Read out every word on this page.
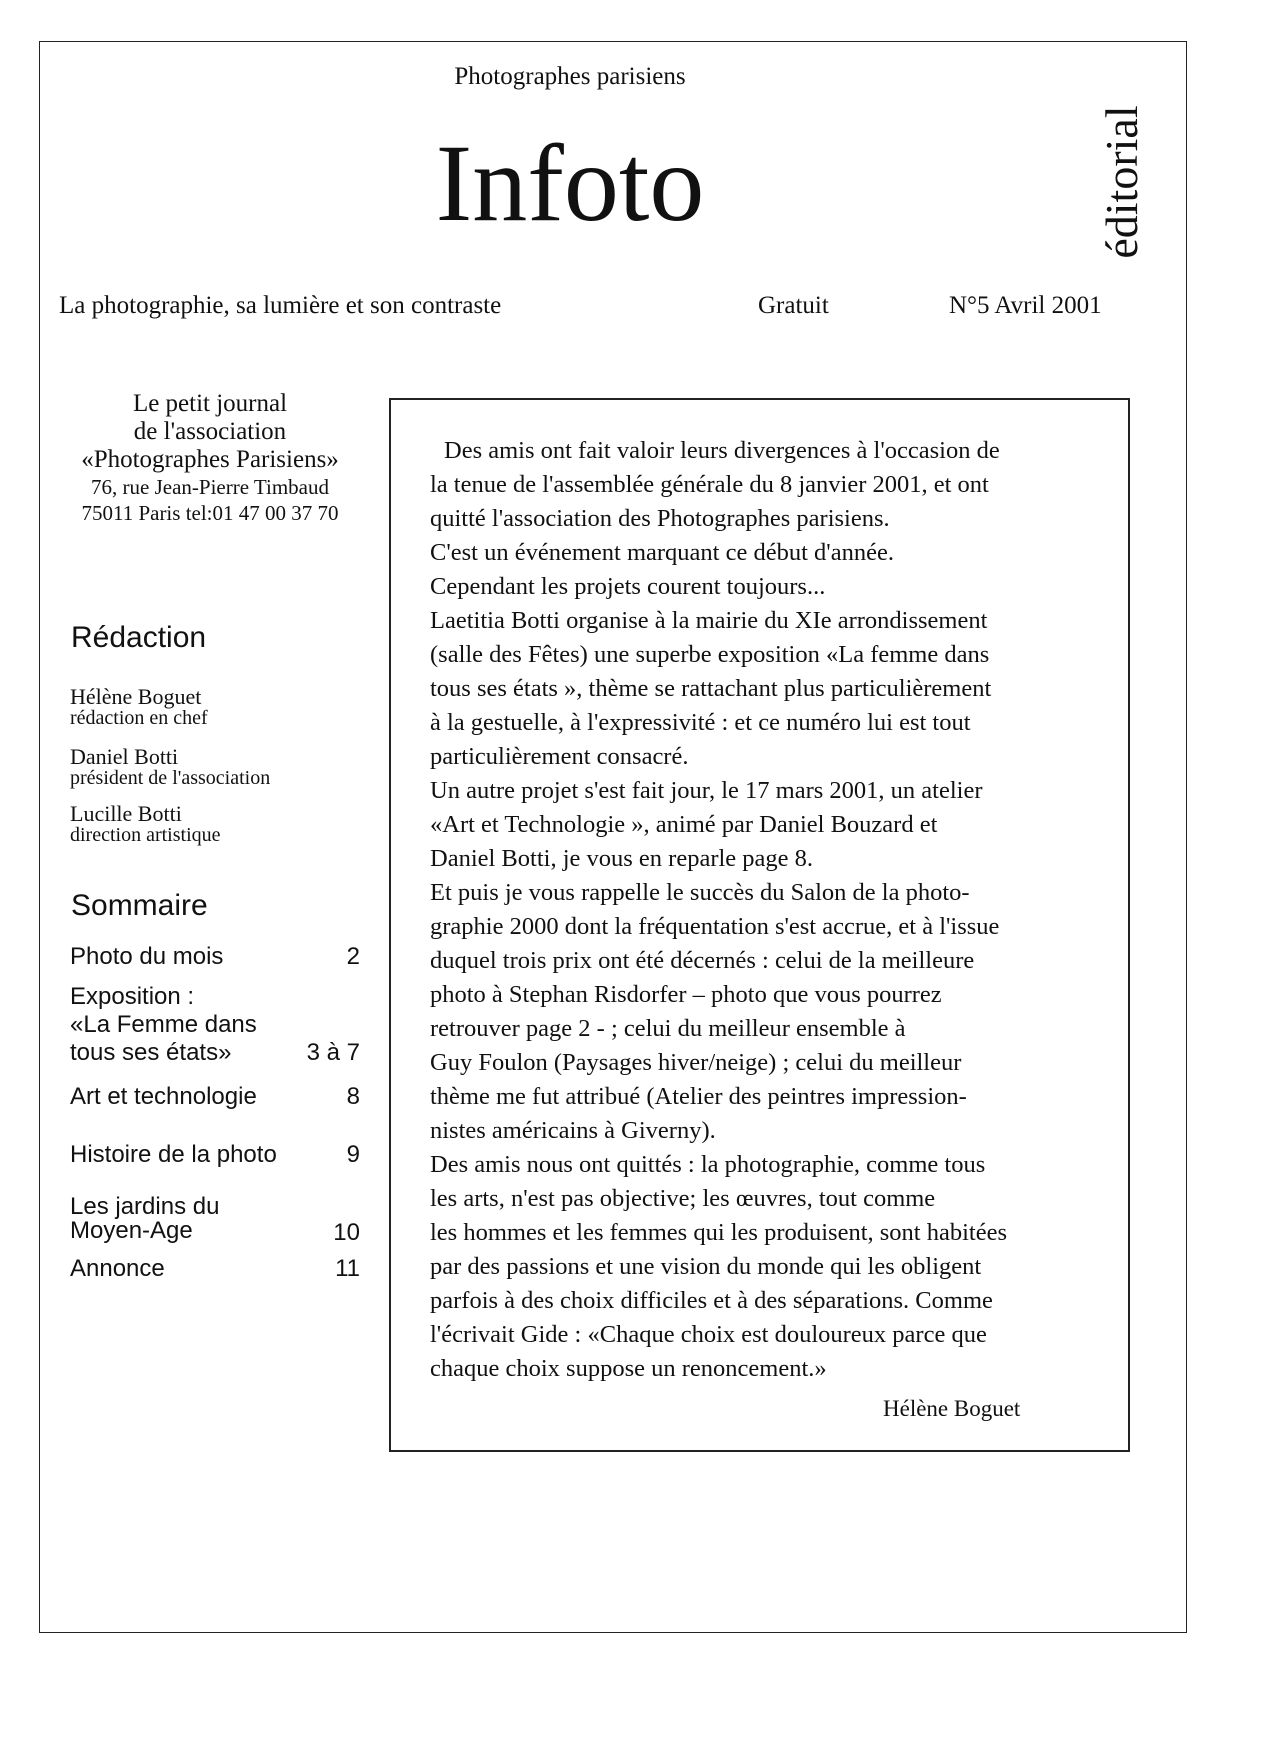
Photographes parisiens
Infoto	éditorial
La photographie, sa lumière et son contraste	Gratuit	N°5 Avril 2001
Le petit journal
de l'association
«Photographes Parisiens»
76, rue Jean-Pierre Timbaud
75011 Paris tel:01 47 00 37 70
Rédaction
Hélène Boguet
rédaction en chef
Daniel Botti
président de l'association
Lucille Botti
direction artistique
Sommaire
Photo du mois	2
Exposition :
«La Femme dans
tous ses états»	3 à 7
Art et technologie	8
Histoire de la photo	9
Les jardins du
Moyen-Age	10
Annonce	11

Des amis ont fait valoir leurs divergences à l'occasion de

la tenue de l'assemblée générale du 8 janvier 2001, et ont

quitté l'association des Photographes parisiens.

C'est un événement marquant ce début d'année.

Cependant les projets courent toujours...

Laetitia Botti organise à la mairie du XIe arrondissement

(salle des Fêtes) une superbe exposition «La femme dans

tous ses états », thème se rattachant plus particulièrement

à la gestuelle, à l'expressivité : et ce numéro lui est tout

particulièrement consacré.

Un autre projet s'est fait jour, le 17 mars 2001, un atelier

«Art et Technologie », animé par Daniel Bouzard et

Daniel Botti, je vous en reparle page 8.

Et puis je vous rappelle le succès du Salon de la photo-

graphie 2000 dont la fréquentation s'est accrue, et à l'issue

duquel trois prix ont été décernés : celui de la meilleure

photo à Stephan Risdorfer – photo que vous pourrez

retrouver page 2 - ; celui du meilleur ensemble à

Guy Foulon (Paysages hiver/neige) ; celui du meilleur

thème me fut attribué (Atelier des peintres impression-

nistes américains à Giverny).

Des amis nous ont quittés : la photographie, comme tous

les arts, n'est pas objective; les œuvres, tout comme

les hommes et les femmes qui les produisent, sont habitées

par des passions et une vision du monde qui les obligent

parfois à des choix difficiles et à des séparations. Comme

l'écrivait Gide : «Chaque choix est douloureux parce que

chaque choix suppose un renoncement.»

Hélène Boguet
